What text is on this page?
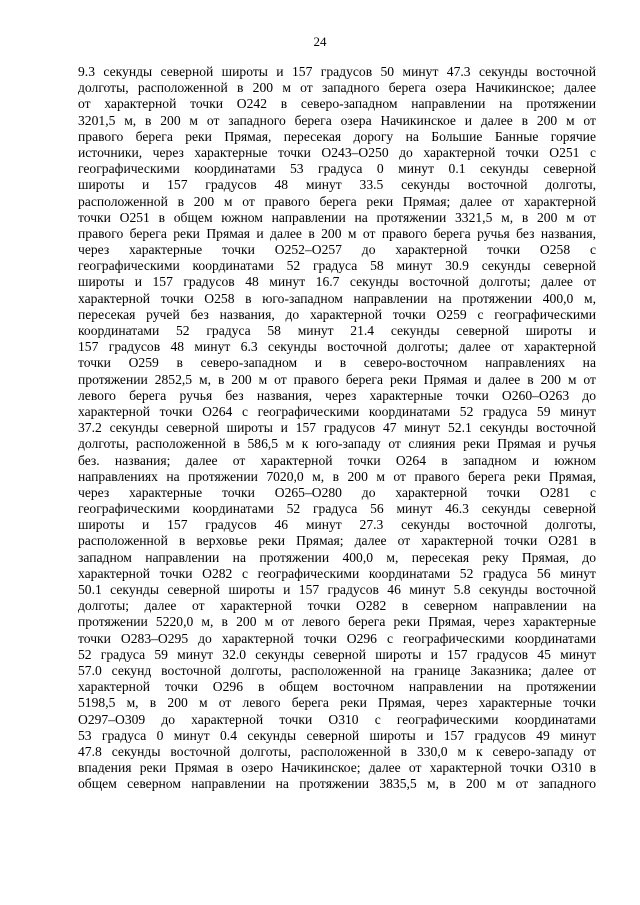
24
9.3 секунды северной широты и 157 градусов 50 минут 47.3 секунды восточной
долготы, расположенной в 200 м от западного берега озера Начикинское; далее
от характерной точки О242 в северо-западном направлении на протяжении
3201,5 м, в 200 м от западного берега озера Начикинское и далее в 200 м от
правого берега реки Прямая, пересекая дорогу на Большие Банные горячие
источники, через характерные точки О243–О250 до характерной точки О251 с
географическими координатами 53 градуса 0 минут 0.1 секунды северной
широты и 157 градусов 48 минут 33.5 секунды восточной долготы,
расположенной в 200 м от правого берега реки Прямая; далее от характерной
точки О251 в общем южном направлении на протяжении 3321,5 м, в 200 м от
правого берега реки Прямая и далее в 200 м от правого берега ручья без названия,
через характерные точки О252–О257 до характерной точки О258 с
географическими координатами 52 градуса 58 минут 30.9 секунды северной
широты и 157 градусов 48 минут 16.7 секунды восточной долготы; далее от
характерной точки О258 в юго-западном направлении на протяжении 400,0 м,
пересекая ручей без названия, до характерной точки О259 с географическими
координатами 52 градуса 58 минут 21.4 секунды северной широты и
157 градусов 48 минут 6.3 секунды восточной долготы; далее от характерной
точки О259 в северо-западном и в северо-восточном направлениях на
протяжении 2852,5 м, в 200 м от правого берега реки Прямая и далее в 200 м от
левого берега ручья без названия, через характерные точки О260–О263 до
характерной точки О264 с географическими координатами 52 градуса 59 минут
37.2 секунды северной широты и 157 градусов 47 минут 52.1 секунды восточной
долготы, расположенной в 586,5 м к юго-западу от слияния реки Прямая и ручья
без. названия; далее от характерной точки О264 в западном и южном
направлениях на протяжении 7020,0 м, в 200 м от правого берега реки Прямая,
через характерные точки О265–О280 до характерной точки О281 с
географическими координатами 52 градуса 56 минут 46.3 секунды северной
широты и 157 градусов 46 минут 27.3 секунды восточной долготы,
расположенной в верховье реки Прямая; далее от характерной точки О281 в
западном направлении на протяжении 400,0 м, пересекая реку Прямая, до
характерной точки О282 с географическими координатами 52 градуса 56 минут
50.1 секунды северной широты и 157 градусов 46 минут 5.8 секунды восточной
долготы; далее от характерной точки О282 в северном направлении на
протяжении 5220,0 м, в 200 м от левого берега реки Прямая, через характерные
точки О283–О295 до характерной точки О296 с географическими координатами
52 градуса 59 минут 32.0 секунды северной широты и 157 градусов 45 минут
57.0 секунд восточной долготы, расположенной на границе Заказника; далее от
характерной точки О296 в общем восточном направлении на протяжении
5198,5 м, в 200 м от левого берега реки Прямая, через характерные точки
О297–О309 до характерной точки О310 с географическими координатами
53 градуса 0 минут 0.4 секунды северной широты и 157 градусов 49 минут
47.8 секунды восточной долготы, расположенной в 330,0 м к северо-западу от
впадения реки Прямая в озеро Начикинское; далее от характерной точки О310 в
общем северном направлении на протяжении 3835,5 м, в 200 м от западного
